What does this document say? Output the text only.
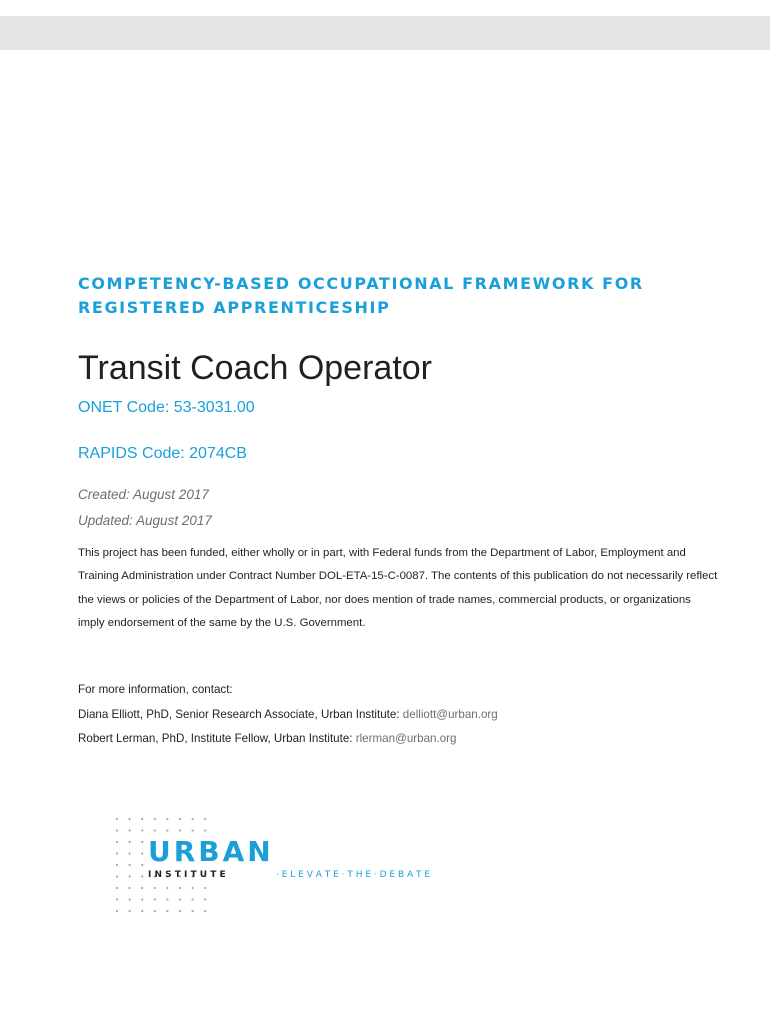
COMPETENCY-BASED OCCUPATIONAL FRAMEWORK FOR
REGISTERED APPRENTICESHIP
Transit Coach Operator
ONET Code: 53-3031.00
RAPIDS Code: 2074CB
Created: August 2017
Updated: August 2017

This project has been funded, either wholly or in part, with Federal funds from the Department of Labor, Employment and Training Administration under Contract Number DOL-ETA-15-C-0087. The contents of this publication do not necessarily reflect the views or policies of the Department of Labor, nor does mention of trade names, commercial products, or organizations imply endorsement of the same by the U.S. Government.

For more information, contact:
Diana Elliott, PhD, Senior Research Associate, Urban Institute: delliott@urban.org
Robert Lerman, PhD, Institute Fellow, Urban Institute: rlerman@urban.org
URBAN
I N S T I T U T E	· E L E V A T E · T H E · D E B A T E
